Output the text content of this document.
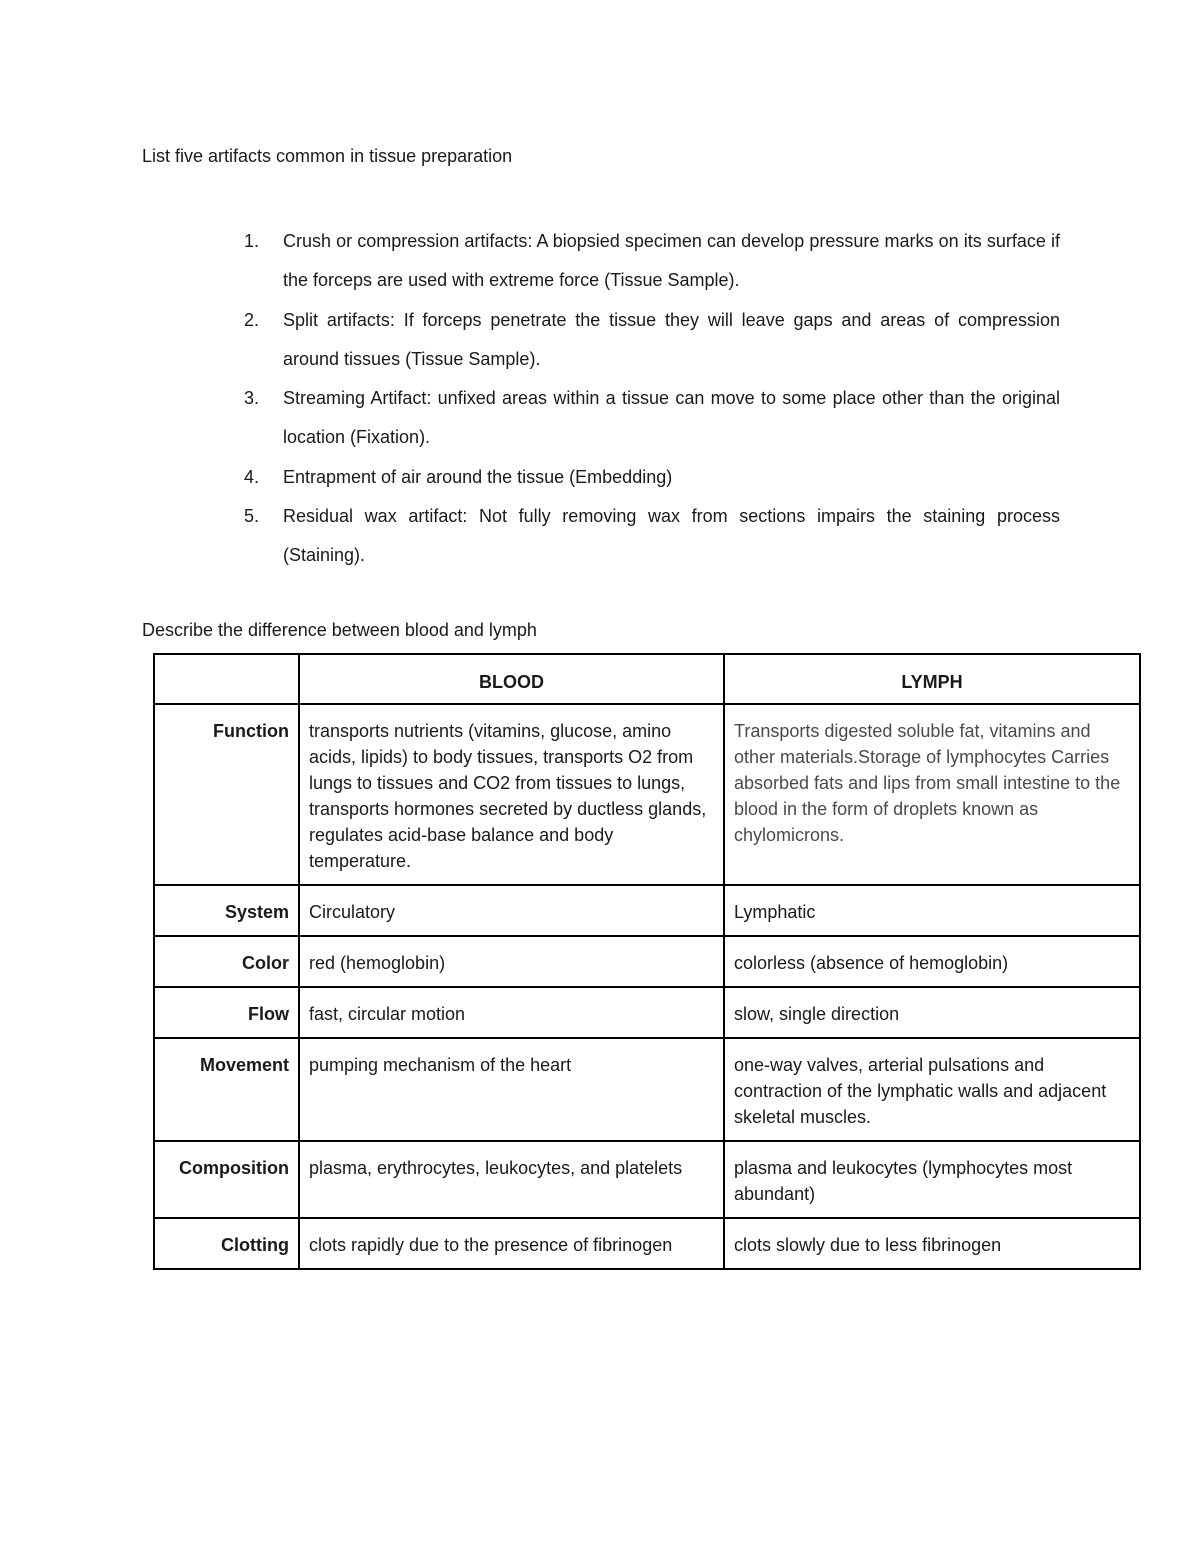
List five artifacts common in tissue preparation
1. Crush or compression artifacts: A biopsied specimen can develop pressure marks on its surface if the forceps are used with extreme force (Tissue Sample).
2. Split artifacts: If forceps penetrate the tissue they will leave gaps and areas of compression around tissues (Tissue Sample).
3. Streaming Artifact: unfixed areas within a tissue can move to some place other than the original location (Fixation).
4. Entrapment of air around the tissue (Embedding)
5. Residual wax artifact: Not fully removing wax from sections impairs the staining process (Staining).
Describe the difference between blood and lymph
	BLOOD	LYMPH
Function	transports nutrients (vitamins, glucose, amino acids, lipids) to body tissues, transports O2 from lungs to tissues and CO2 from tissues to lungs, transports hormones secreted by ductless glands, regulates acid-base balance and body temperature.	Transports digested soluble fat, vitamins and other materials.Storage of lymphocytes Carries absorbed fats and lips from small intestine to the blood in the form of droplets known as chylomicrons.
System	Circulatory	Lymphatic
Color	red (hemoglobin)	colorless (absence of hemoglobin)
Flow	fast, circular motion	slow, single direction
Movement	pumping mechanism of the heart	one-way valves, arterial pulsations and contraction of the lymphatic walls and adjacent skeletal muscles.
Composition	plasma, erythrocytes, leukocytes, and platelets	plasma and leukocytes (lymphocytes most abundant)
Clotting	clots rapidly due to the presence of fibrinogen	clots slowly due to less fibrinogen
